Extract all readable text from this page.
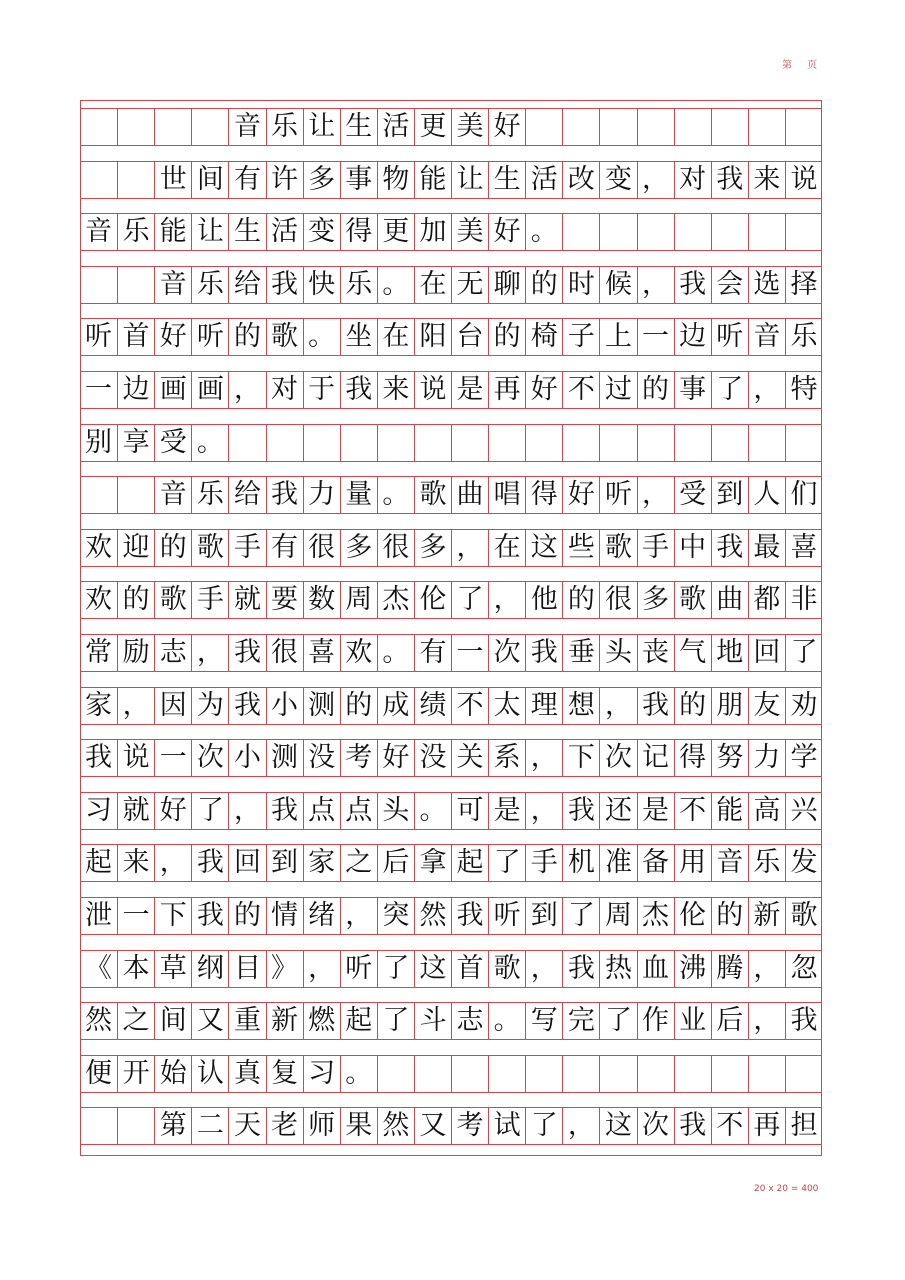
第 页
音 乐 让 生 活 更 美 好
世 间 有 许 多 事 物 能 让 生 活 改 变 ， 对 我 来 说
音 乐 能 让 生 活 变 得 更 加 美 好 。
音 乐 给 我 快 乐 。 在 无 聊 的 时 候 ， 我 会 选 择
听 首 好 听 的 歌 。 坐 在 阳 台 的 椅 子 上 一 边 听 音 乐
一 边 画 画 ， 对 于 我 来 说 是 再 好 不 过 的 事 了 ， 特
别 享 受 。
音 乐 给 我 力 量 。 歌 曲 唱 得 好 听 ， 受 到 人 们
欢 迎 的 歌 手 有 很 多 很 多 ， 在 这 些 歌 手 中 我 最 喜
欢 的 歌 手 就 要 数 周 杰 伦 了 ， 他 的 很 多 歌 曲 都 非
常 励 志 ， 我 很 喜 欢 。 有 一 次 我 垂 头 丧 气 地 回 了
家 ， 因 为 我 小 测 的 成 绩 不 太 理 想 ， 我 的 朋 友 劝
我 说 一 次 小 测 没 考 好 没 关 系 ， 下 次 记 得 努 力 学
习 就 好 了 ， 我 点 点 头 。 可 是 ， 我 还 是 不 能 高 兴
起 来 ， 我 回 到 家 之 后 拿 起 了 手 机 准 备 用 音 乐 发
泄 一 下 我 的 情 绪 ， 突 然 我 听 到 了 周 杰 伦 的 新 歌
《 本 草 纲 目 》 ， 听 了 这 首 歌 ， 我 热 血 沸 腾 ， 忽
然 之 间 又 重 新 燃 起 了 斗 志 。 写 完 了 作 业 后 ， 我
便 开 始 认 真 复 习 。
第 二 天 老 师 果 然 又 考 试 了 ， 这 次 我 不 再 担
20 x 20 = 400
